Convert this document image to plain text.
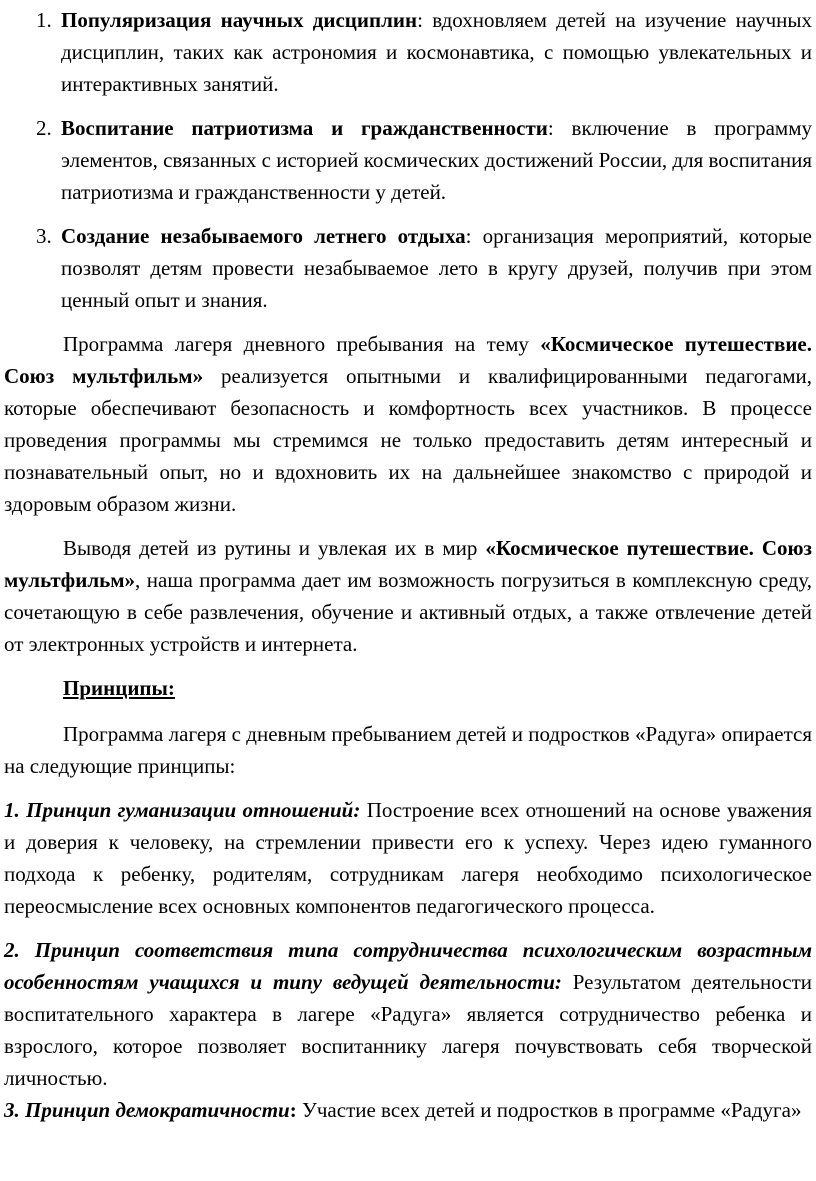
1. Популяризация научных дисциплин: вдохновляем детей на изучение научных дисциплин, таких как астрономия и космонавтика, с помощью увлекательных и интерактивных занятий.
2. Воспитание патриотизма и гражданственности: включение в программу элементов, связанных с историей космических достижений России, для воспитания патриотизма и гражданственности у детей.
3. Создание незабываемого летнего отдыха: организация мероприятий, которые позволят детям провести незабываемое лето в кругу друзей, получив при этом ценный опыт и знания.

Программа лагеря дневного пребывания на тему «Космическое путешествие. Союз мультфильм» реализуется опытными и квалифицированными педагогами, которые обеспечивают безопасность и комфортность всех участников. В процессе проведения программы мы стремимся не только предоставить детям интересный и познавательный опыт, но и вдохновить их на дальнейшее знакомство с природой и здоровым образом жизни.

Выводя детей из рутины и увлекая их в мир «Космическое путешествие. Союз мультфильм», наша программа дает им возможность погрузиться в комплексную среду, сочетающую в себе развлечения, обучение и активный отдых, а также отвлечение детей от электронных устройств и интернета.

Принципы:

Программа лагеря с дневным пребыванием детей и подростков «Радуга» опирается на следующие принципы:

1. Принцип гуманизации отношений: Построение всех отношений на основе уважения и доверия к человеку, на стремлении привести его к успеху. Через идею гуманного подхода к ребенку, родителям, сотрудникам лагеря необходимо психологическое переосмысление всех основных компонентов педагогического процесса.

2. Принцип соответствия типа сотрудничества психологическим возрастным особенностям учащихся и типу ведущей деятельности: Результатом деятельности воспитательного характера в лагере «Радуга» является сотрудничество ребенка и взрослого, которое позволяет воспитаннику лагеря почувствовать себя творческой личностью.

3. Принцип демократичности: Участие всех детей и подростков в программе «Радуга»
